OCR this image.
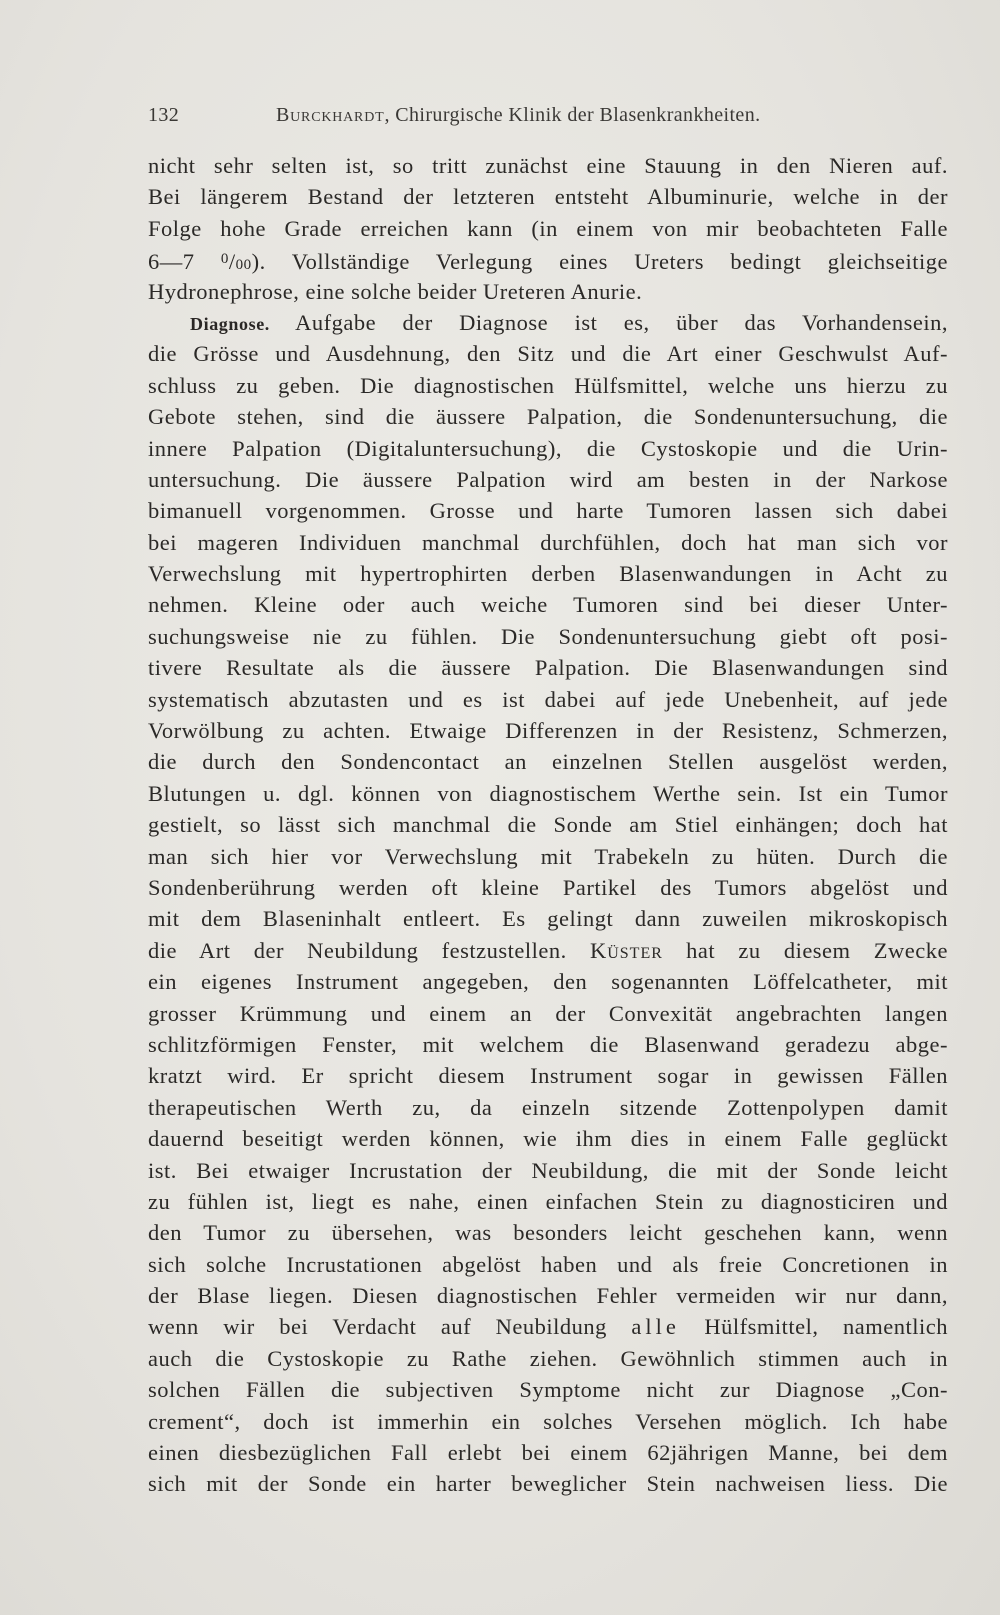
132	Burckhardt, Chirurgische Klinik der Blasenkrankheiten.
nicht sehr selten ist, so tritt zunächst eine Stauung in den Nieren auf.
Bei längerem Bestand der letzteren entsteht Albuminurie, welche in der
Folge hohe Grade erreichen kann (in einem von mir beobachteten Falle
6—7 $^0$/00). Vollständige Verlegung eines Ureters bedingt gleichseitige
Hydronephrose, eine solche beider Ureteren Anurie.
Diagnose. Aufgabe der Diagnose ist es, über das Vorhandensein,
die Grösse und Ausdehnung, den Sitz und die Art einer Geschwulst Auf-
schluss zu geben. Die diagnostischen Hülfsmittel, welche uns hierzu zu
Gebote stehen, sind die äussere Palpation, die Sondenuntersuchung, die
innere Palpation (Digitaluntersuchung), die Cystoskopie und die Urin-
untersuchung. Die äussere Palpation wird am besten in der Narkose
bimanuell vorgenommen. Grosse und harte Tumoren lassen sich dabei
bei mageren Individuen manchmal durchfühlen, doch hat man sich vor
Verwechslung mit hypertrophirten derben Blasenwandungen in Acht zu
nehmen. Kleine oder auch weiche Tumoren sind bei dieser Unter-
suchungsweise nie zu fühlen. Die Sondenuntersuchung giebt oft posi-
tivere Resultate als die äussere Palpation. Die Blasenwandungen sind
systematisch abzutasten und es ist dabei auf jede Unebenheit, auf jede
Vorwölbung zu achten. Etwaige Differenzen in der Resistenz, Schmerzen,
die durch den Sondencontact an einzelnen Stellen ausgelöst werden,
Blutungen u. dgl. können von diagnostischem Werthe sein. Ist ein Tumor
gestielt, so lässt sich manchmal die Sonde am Stiel einhängen; doch hat
man sich hier vor Verwechslung mit Trabekeln zu hüten. Durch die
Sondenberührung werden oft kleine Partikel des Tumors abgelöst und
mit dem Blaseninhalt entleert. Es gelingt dann zuweilen mikroskopisch
die Art der Neubildung festzustellen. Küster hat zu diesem Zwecke
ein eigenes Instrument angegeben, den sogenannten Löffelcatheter, mit
grosser Krümmung und einem an der Convexität angebrachten langen
schlitzförmigen Fenster, mit welchem die Blasenwand geradezu abge-
kratzt wird. Er spricht diesem Instrument sogar in gewissen Fällen
therapeutischen Werth zu, da einzeln sitzende Zottenpolypen damit
dauernd beseitigt werden können, wie ihm dies in einem Falle geglückt
ist. Bei etwaiger Incrustation der Neubildung, die mit der Sonde leicht
zu fühlen ist, liegt es nahe, einen einfachen Stein zu diagnosticiren und
den Tumor zu übersehen, was besonders leicht geschehen kann, wenn
sich solche Incrustationen abgelöst haben und als freie Concretionen in
der Blase liegen. Diesen diagnostischen Fehler vermeiden wir nur dann,
wenn wir bei Verdacht auf Neubildung alle Hülfsmittel, namentlich
auch die Cystoskopie zu Rathe ziehen. Gewöhnlich stimmen auch in
solchen Fällen die subjectiven Symptome nicht zur Diagnose „Con-
crement“, doch ist immerhin ein solches Versehen möglich. Ich habe
einen diesbezüglichen Fall erlebt bei einem 62jährigen Manne, bei dem
sich mit der Sonde ein harter beweglicher Stein nachweisen liess. Die
